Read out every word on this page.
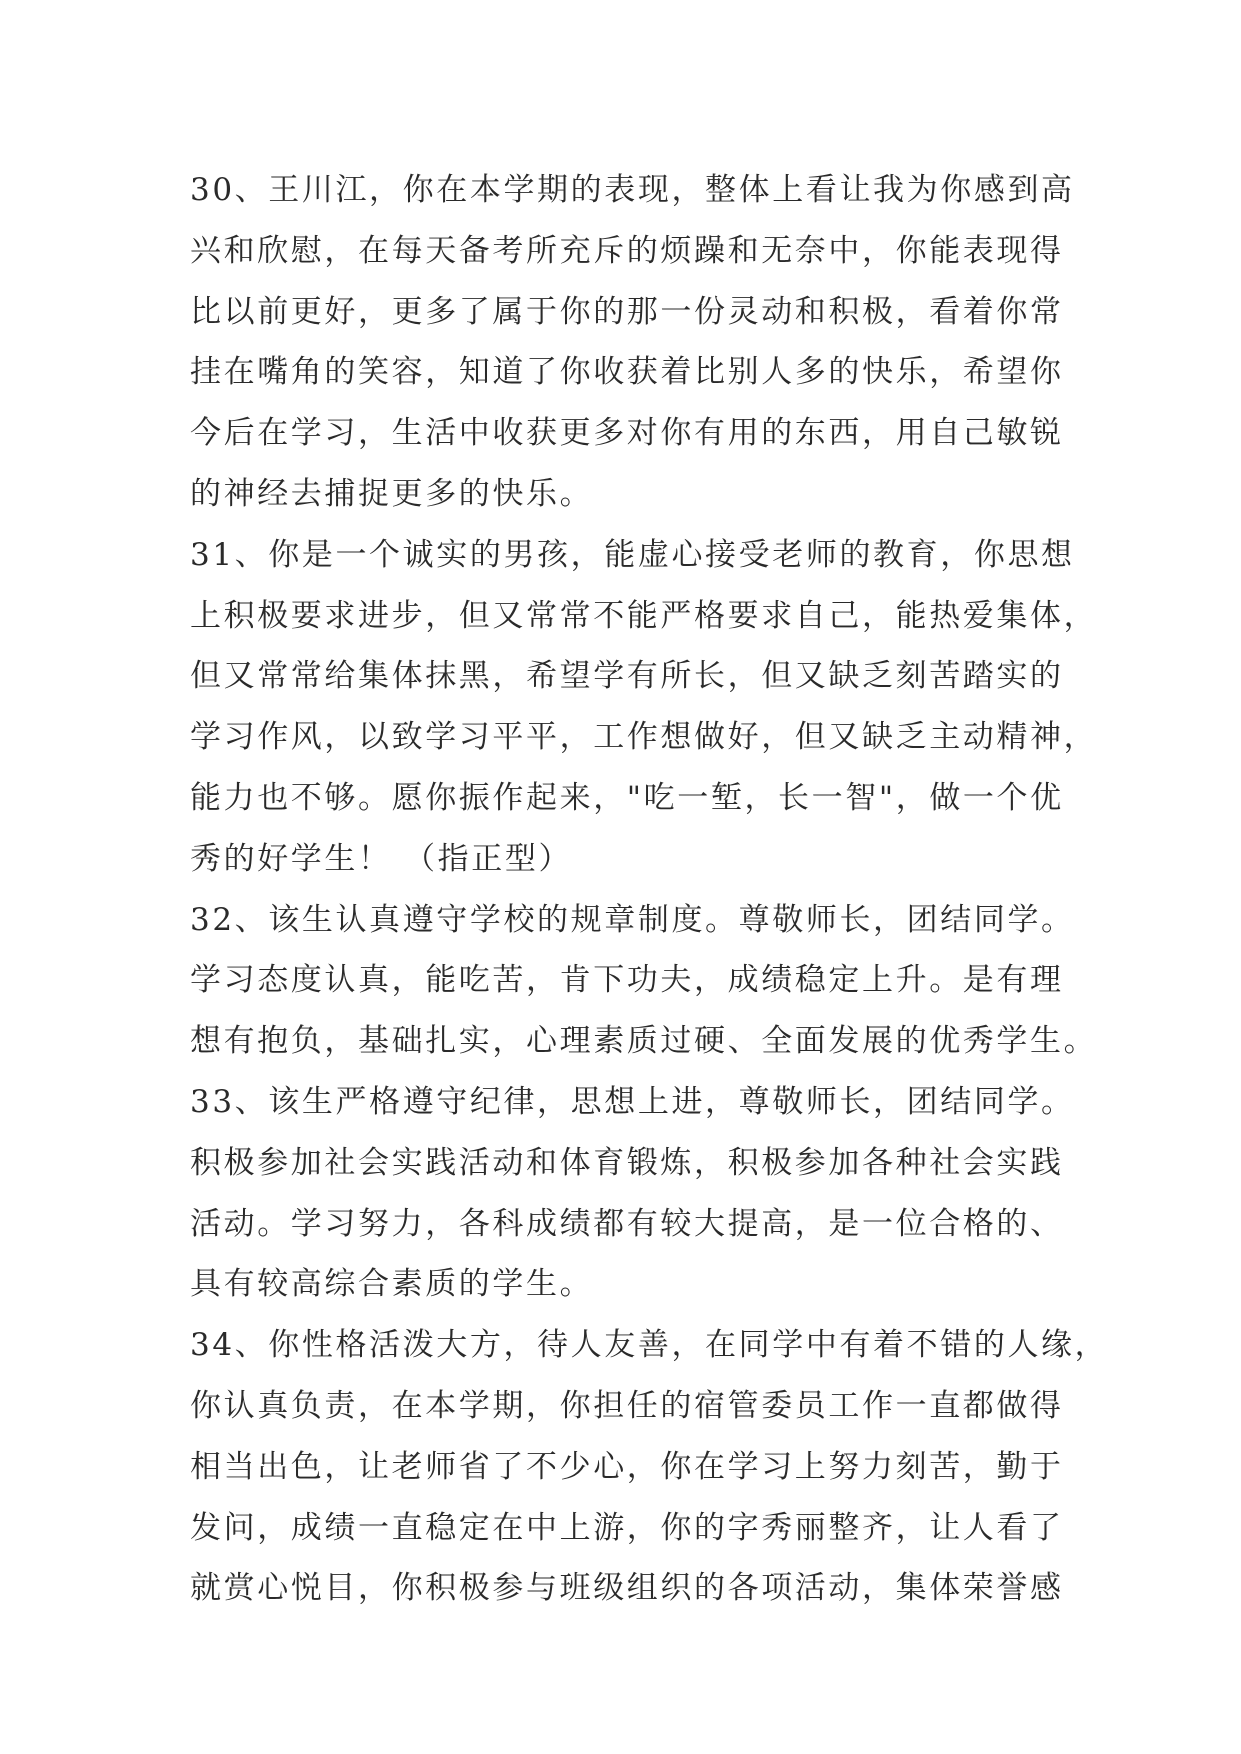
30、王川江，你在本学期的表现，整体上看让我为你感到高
兴和欣慰，在每天备考所充斥的烦躁和无奈中，你能表现得
比以前更好，更多了属于你的那一份灵动和积极，看着你常
挂在嘴角的笑容，知道了你收获着比别人多的快乐，希望你
今后在学习，生活中收获更多对你有用的东西，用自己敏锐
的神经去捕捉更多的快乐。
31、你是一个诚实的男孩，能虚心接受老师的教育，你思想
上积极要求进步，但又常常不能严格要求自己，能热爱集体，
但又常常给集体抹黑，希望学有所长，但又缺乏刻苦踏实的
学习作风，以致学习平平，工作想做好，但又缺乏主动精神，
能力也不够。愿你振作起来，"吃一堑，长一智"，做一个优
秀的好学生！ （指正型）
32、该生认真遵守学校的规章制度。尊敬师长，团结同学。
学习态度认真，能吃苦，肯下功夫，成绩稳定上升。是有理
想有抱负，基础扎实，心理素质过硬、全面发展的优秀学生。
33、该生严格遵守纪律，思想上进，尊敬师长，团结同学。
积极参加社会实践活动和体育锻炼，积极参加各种社会实践
活动。学习努力，各科成绩都有较大提高，是一位合格的、
具有较高综合素质的学生。
34、你性格活泼大方，待人友善，在同学中有着不错的人缘，
你认真负责，在本学期，你担任的宿管委员工作一直都做得
相当出色，让老师省了不少心，你在学习上努力刻苦，勤于
发问，成绩一直稳定在中上游，你的字秀丽整齐，让人看了
就赏心悦目，你积极参与班级组织的各项活动，集体荣誉感
